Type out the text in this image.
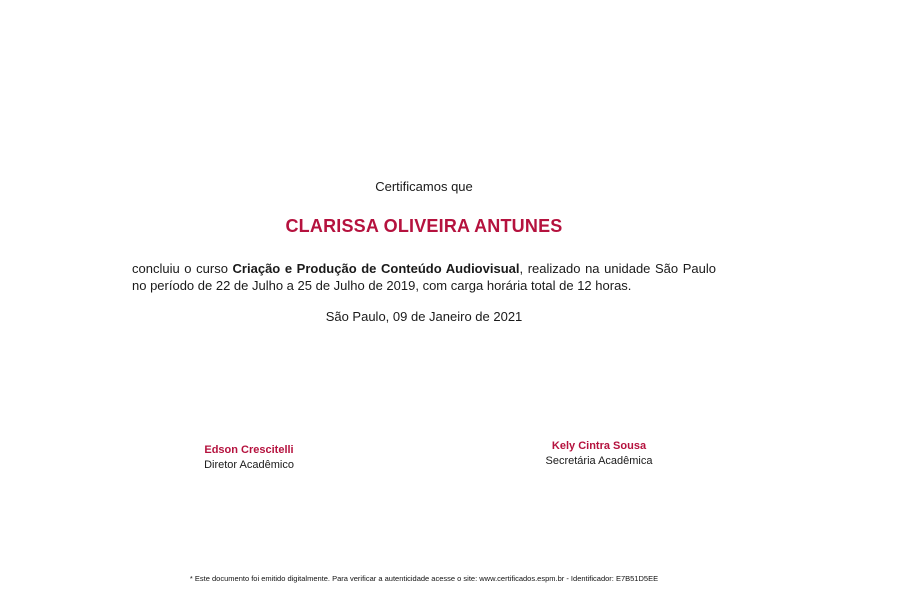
Certificamos que
CLARISSA OLIVEIRA ANTUNES
concluiu o curso Criação e Produção de Conteúdo Audiovisual, realizado na unidade São Paulo no período de 22 de Julho a 25 de Julho de 2019, com carga horária total de 12 horas.
São Paulo, 09 de Janeiro de 2021
Edson Crescitelli
Diretor Acadêmico
Kely Cintra Sousa
Secretária Acadêmica
* Este documento foi emitido digitalmente. Para verificar a autenticidade acesse o site: www.certificados.espm.br - Identificador: E7B51D5EE
